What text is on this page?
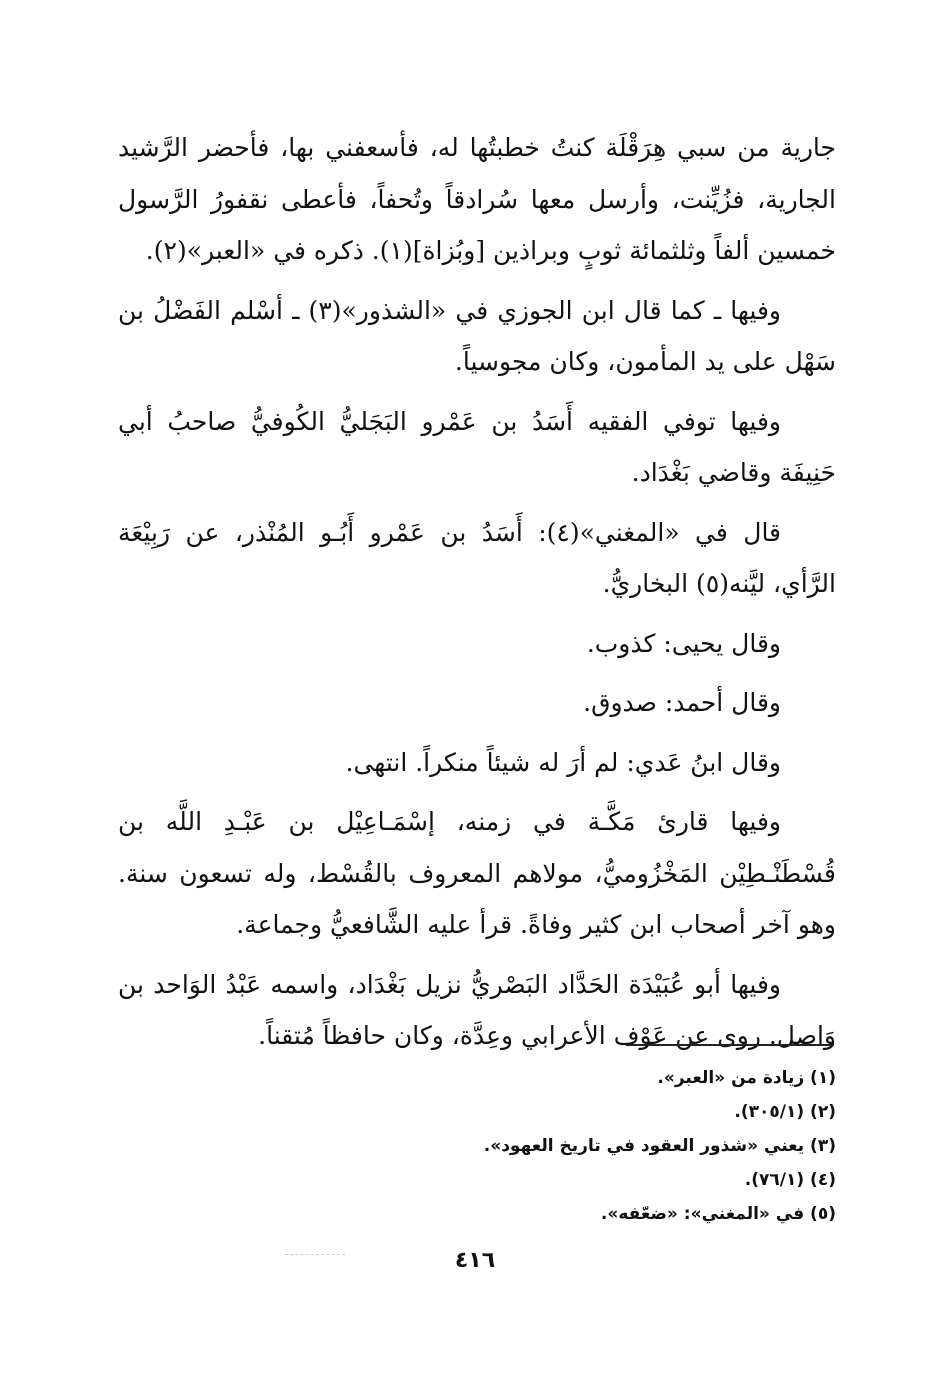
جارية من سبي هِرَقْلَة كنتُ خطبتُها له، فأسعفني بها، فأحضر الرَّشيد الجارية، فزُيِّنت، وأرسل معها سُرادقاً وتُحفاً، فأعطى نقفورُ الرَّسول خمسين ألفاً وثلثمائة ثوبٍ وبراذين [وبُزاة](١). ذكره في «العبر»(٢).

وفيها ـ كما قال ابن الجوزي في «الشذور»(٣) ـ أسْلم الفَضْلُ بن سَهْل على يد المأمون، وكان مجوسياً.

وفيها توفي الفقيه أَسَدُ بن عَمْرو البَجَليُّ الكُوفيُّ صاحبُ أبي حَنِيفَة وقاضي بَغْدَاد.

قال في «المغني»(٤): أَسَدُ بن عَمْرو أَبُـو المُنْذر، عن رَبِيْعَة الرَّأي، ليَّنه(٥) البخاريُّ.

وقال يحيى: كذوب.

وقال أحمد: صدوق.

وقال ابنُ عَدي: لم أرَ له شيئاً منكراً. انتهى.

وفيها قارئ مَكَّـة في زمنه، إسْمَـاعِيْل بن عَبْـدِ اللَّه بن قُسْطَنْـطِيْن المَخْزُوميُّ، مولاهم المعروف بالقُسْط، وله تسعون سنة. وهو آخر أصحاب ابن كثير وفاةً. قرأ عليه الشَّافعيُّ وجماعة.

وفيها أبو عُبَيْدَة الحَدَّاد البَصْريُّ نزيل بَغْدَاد، واسمه عَبْدُ الوَاحد بن وَاصل. روى عن عَوْف الأعرابي وعِدَّة، وكان حافظاً مُتقناً.

(١) زيادة من «العبر».

(٢) (٣٠٥/١).

(٣) يعني «شذور العقود في تاريخ العهود».

(٤) (٧٦/١).

(٥) في «المغني»: «ضعّفه».

٤١٦
